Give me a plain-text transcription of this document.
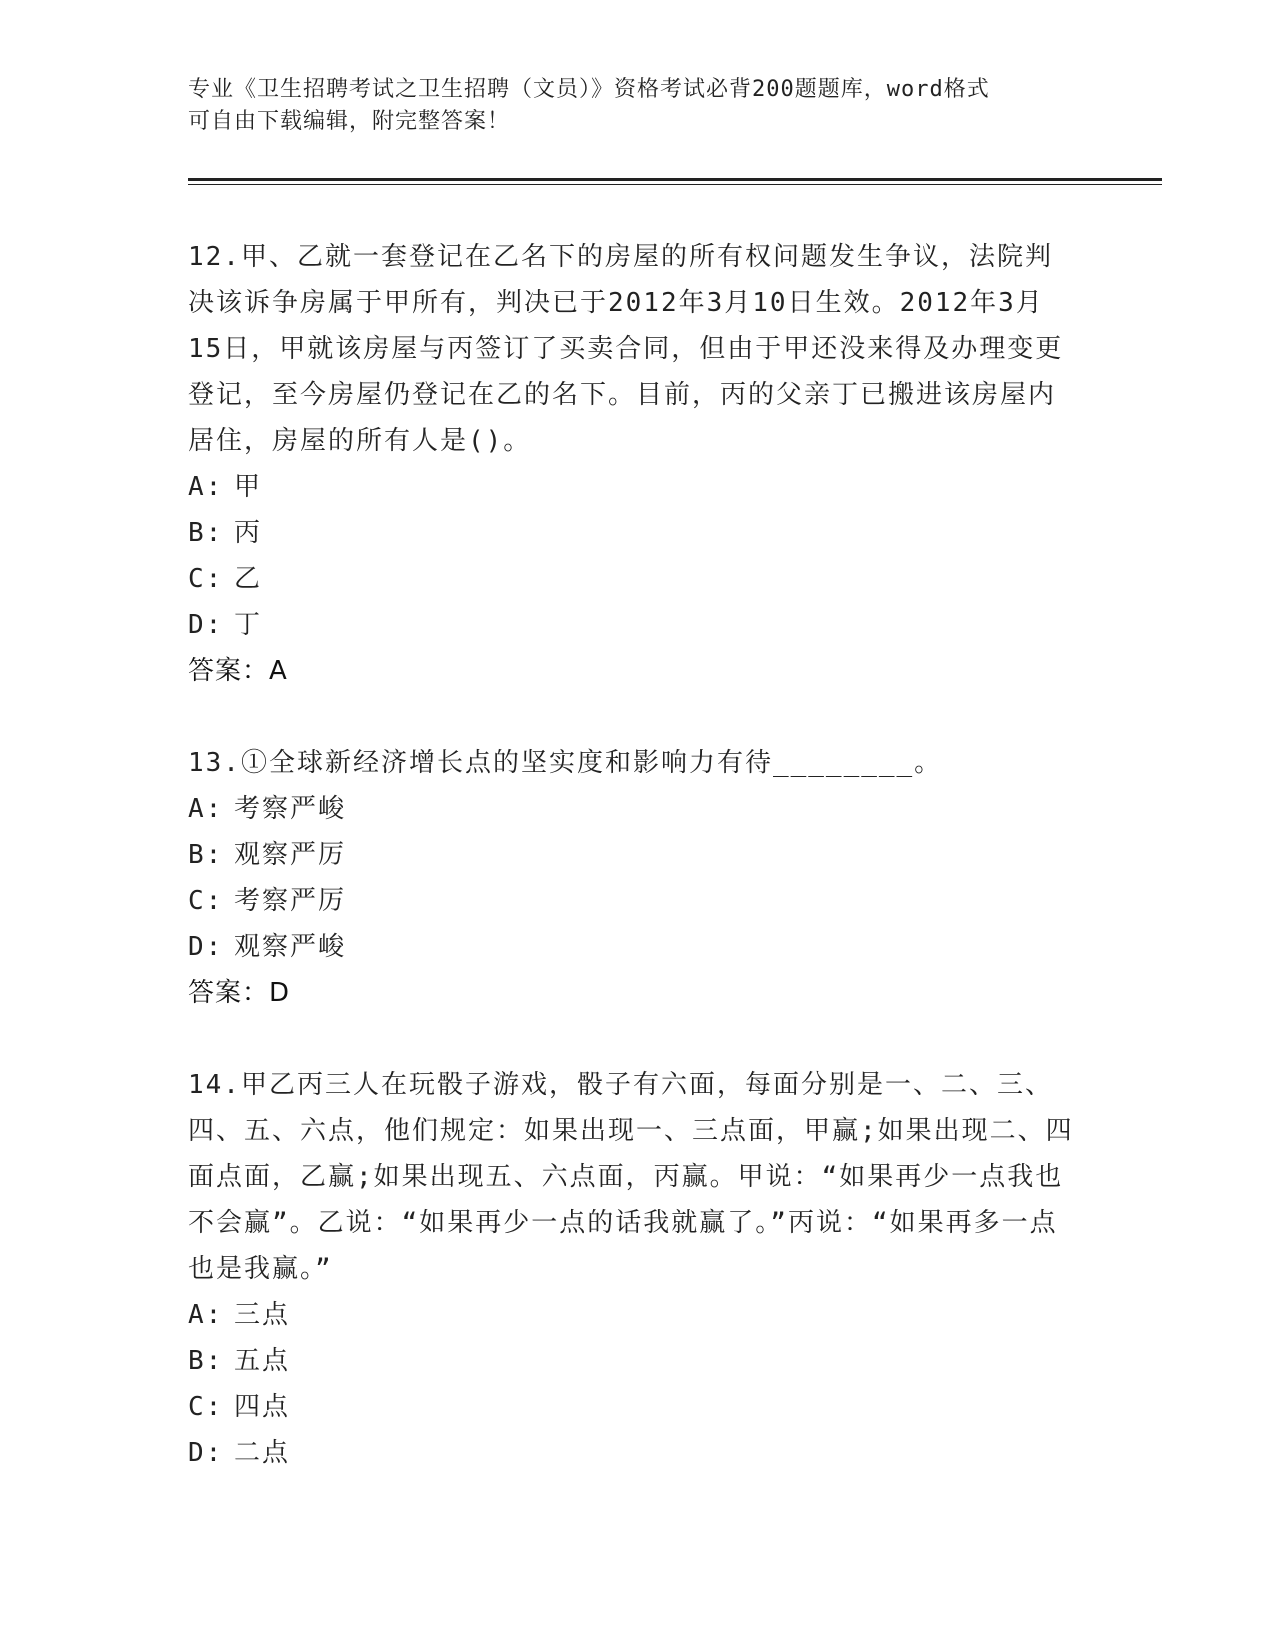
专业《卫生招聘考试之卫生招聘（文员）》资格考试必背200题题库，word格式
可自由下载编辑，附完整答案！

12.甲、乙就一套登记在乙名下的房屋的所有权问题发生争议，法院判决该诉争房属于甲所有，判决已于2012年3月10日生效。2012年3月15日，甲就该房屋与丙签订了买卖合同，但由于甲还没来得及办理变更登记，至今房屋仍登记在乙的名下。目前，丙的父亲丁已搬进该房屋内居住，房屋的所有人是()。

A: 甲

B: 丙

C: 乙

D: 丁

答案：A

13.①全球新经济增长点的坚实度和影响力有待________。

A: 考察严峻

B: 观察严厉

C: 考察严厉

D: 观察严峻

答案：D

14.甲乙丙三人在玩骰子游戏，骰子有六面，每面分别是一、二、三、四、五、六点，他们规定：如果出现一、三点面，甲赢;如果出现二、四面点面，乙赢;如果出现五、六点面，丙赢。甲说：“如果再少一点我也不会赢”。乙说：“如果再少一点的话我就赢了。”丙说：“如果再多一点也是我赢。”

A: 三点

B: 五点

C: 四点

D: 二点
